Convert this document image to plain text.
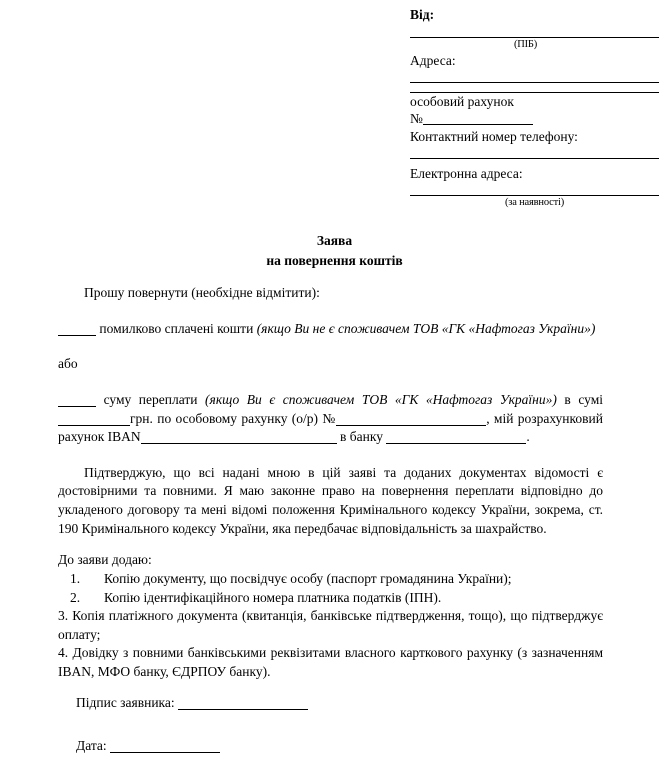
Від:
(ПІБ)
Адреса:
особовий рахунок
№
Контактний номер телефону:
Електронна адреса:
(за наявності)
Заява
на повернення коштів

Прошу повернути (необхідне відмітити):

помилково сплачені кошти (якщо Ви не є споживачем ТОВ «ГК «Нафтогаз України»)

або

суму переплати (якщо Ви є споживачем ТОВ «ГК «Нафтогаз України») в сумі грн. по особовому рахунку (о/р) №	, мій розрахунковий рахунок IBAN	в банку	.

Підтверджую, що всі надані мною в цій заяві та доданих документах відомості є достовірними та повними. Я маю законне право на повернення переплати відповідно до укладеного договору та мені відомі положення Кримінального кодексу України, зокрема, ст. 190 Кримінального кодексу України, яка передбачає відповідальність за шахрайство.

До заяви додаю:

1.	Копію документу, що посвідчує особу (паспорт громадянина України);
2.	Копію ідентифікаційного номера платника податків (ІПН).

3. Копія платіжного документа (квитанція, банківське підтвердження, тощо), що підтверджує оплату;

4. Довідку з повними банківськими реквізитами власного карткового рахунку (з зазначенням IBAN, МФО банку, ЄДРПОУ банку).

Підпис заявника:
Дата:
